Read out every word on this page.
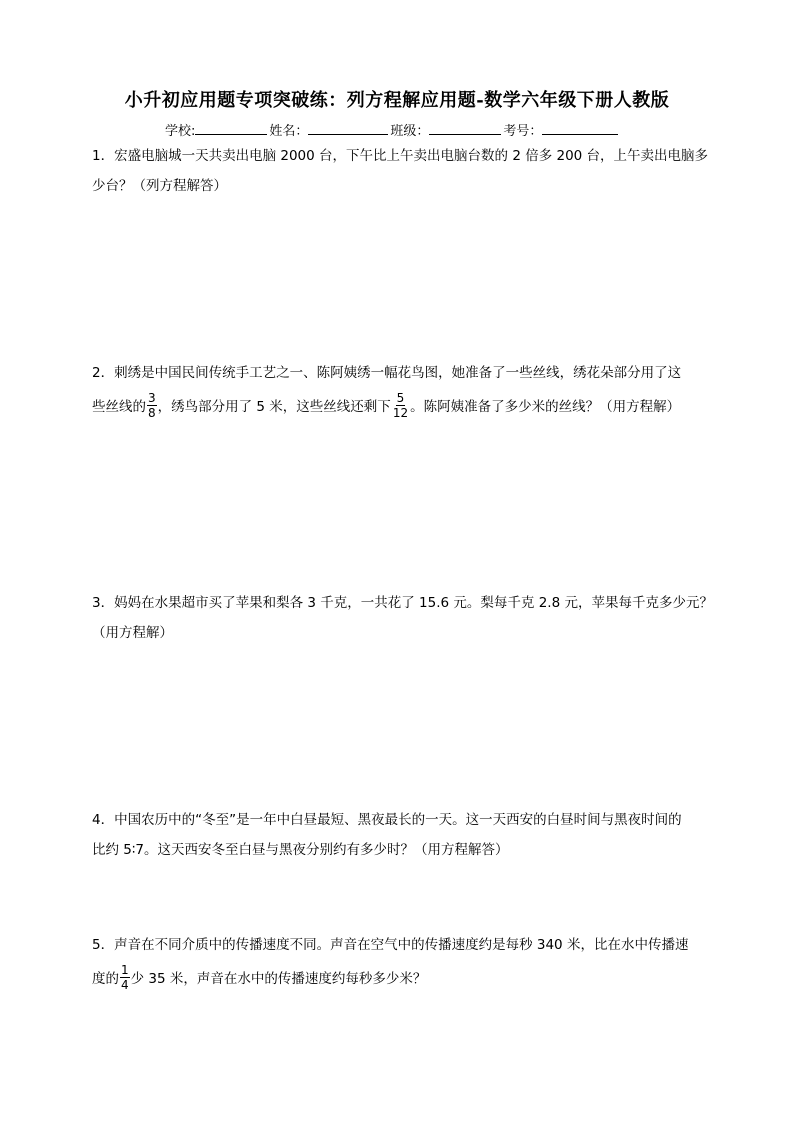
小升初应用题专项突破练：列方程解应用题-数学六年级下册人教版
学校:	姓名：	班级：	考号：
1．宏盛电脑城一天共卖出电脑 2000 台，下午比上午卖出电脑台数的 2 倍多 200 台，上午卖出电脑多
少台？（列方程解答）
2．刺绣是中国民间传统手工艺之一、陈阿姨绣一幅花鸟图，她准备了一些丝线，绣花朵部分用了这
些丝线的 $\frac{3}{8}$ ，绣鸟部分用了 5 米，这些丝线还剩下 $\frac{5}{12}$ 。陈阿姨准备了多少米的丝线？（用方程解）
3．妈妈在水果超市买了苹果和梨各 3 千克，一共花了 15.6 元。梨每千克 2.8 元，苹果每千克多少元？
（用方程解）
4．中国农历中的“冬至”是一年中白昼最短、黑夜最长的一天。这一天西安的白昼时间与黑夜时间的
比约 5∶7。这天西安冬至白昼与黑夜分别约有多少时？（用方程解答）
5．声音在不同介质中的传播速度不同。声音在空气中的传播速度约是每秒 340 米，比在水中传播速
度的 $\frac{1}{4}$ 少 35 米，声音在水中的传播速度约每秒多少米？
